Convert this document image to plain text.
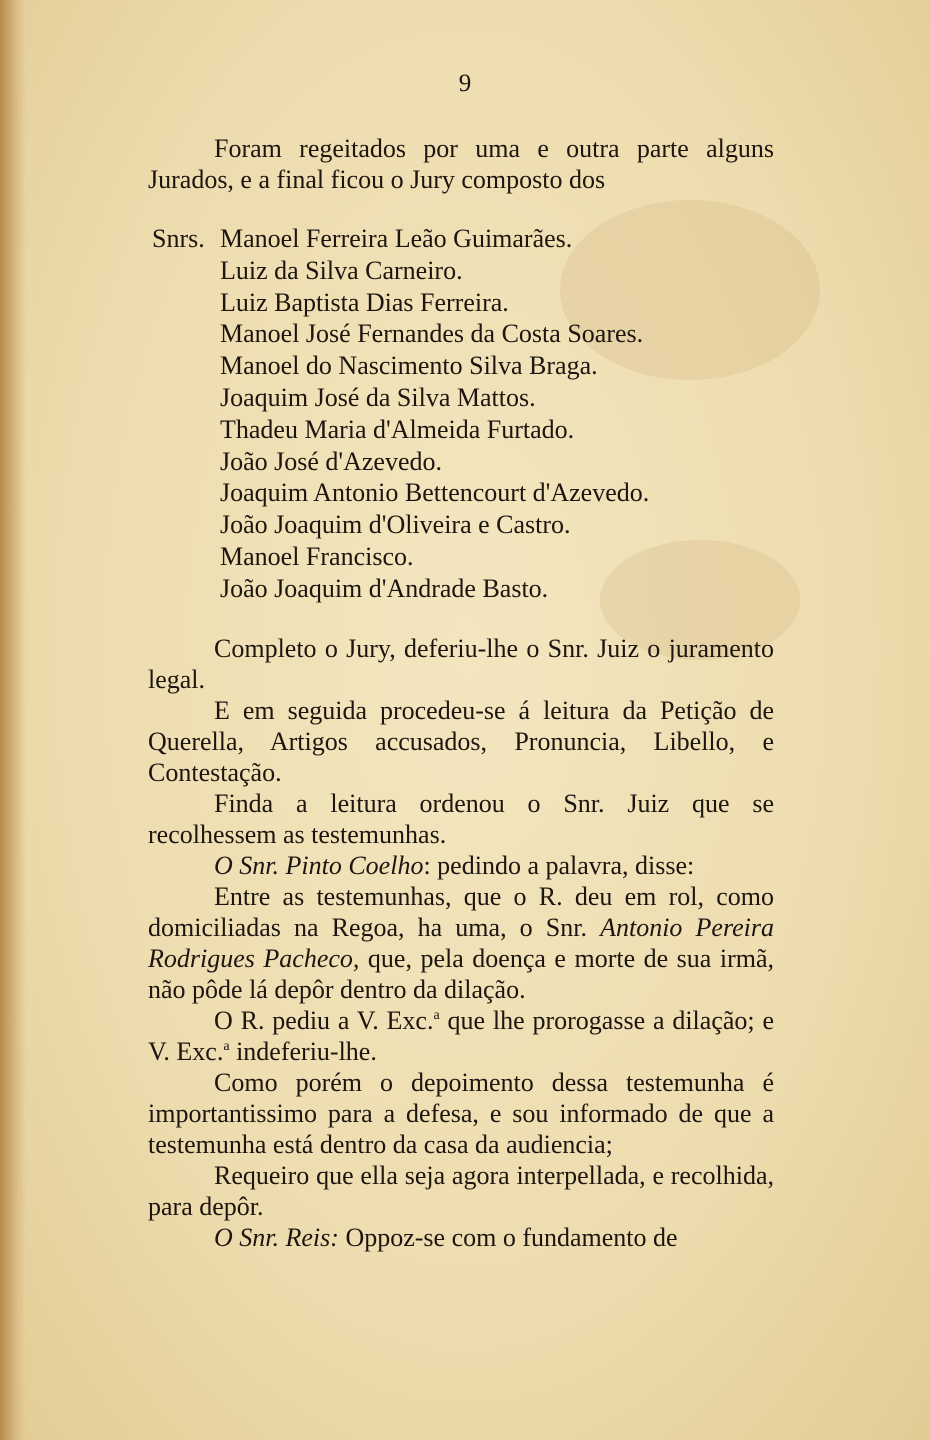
9

Foram regeitados por uma e outra parte alguns Jurados, e a final ficou o Jury composto dos

Snrs. Manoel Ferreira Leão Guimarães.
Luiz da Silva Carneiro.
Luiz Baptista Dias Ferreira.
Manoel José Fernandes da Costa Soares.
Manoel do Nascimento Silva Braga.
Joaquim José da Silva Mattos.
Thadeu Maria d'Almeida Furtado.
João José d'Azevedo.
Joaquim Antonio Bettencourt d'Azevedo.
João Joaquim d'Oliveira e Castro.
Manoel Francisco.
João Joaquim d'Andrade Basto.

Completo o Jury, deferiu-lhe o Snr. Juiz o juramento legal.

E em seguida procedeu-se á leitura da Petição de Querella, Artigos accusados, Pronuncia, Libello, e Contestação.

Finda a leitura ordenou o Snr. Juiz que se recolhessem as testemunhas.

O Snr. Pinto Coelho: pedindo a palavra, disse:

Entre as testemunhas, que o R. deu em rol, como domiciliadas na Regoa, ha uma, o Snr. Antonio Pereira Rodrigues Pacheco, que, pela doença e morte de sua irmã, não pôde lá depôr dentro da dilação.

O R. pediu a V. Exc.$^a$ que lhe prorogasse a dilação; e V. Exc.$^a$ indeferiu-lhe.

Como porém o depoimento dessa testemunha é importantissimo para a defesa, e sou informado de que a testemunha está dentro da casa da audiencia;

Requeiro que ella seja agora interpellada, e recolhida, para depôr.

O Snr. Reis: Oppoz-se com o fundamento de
